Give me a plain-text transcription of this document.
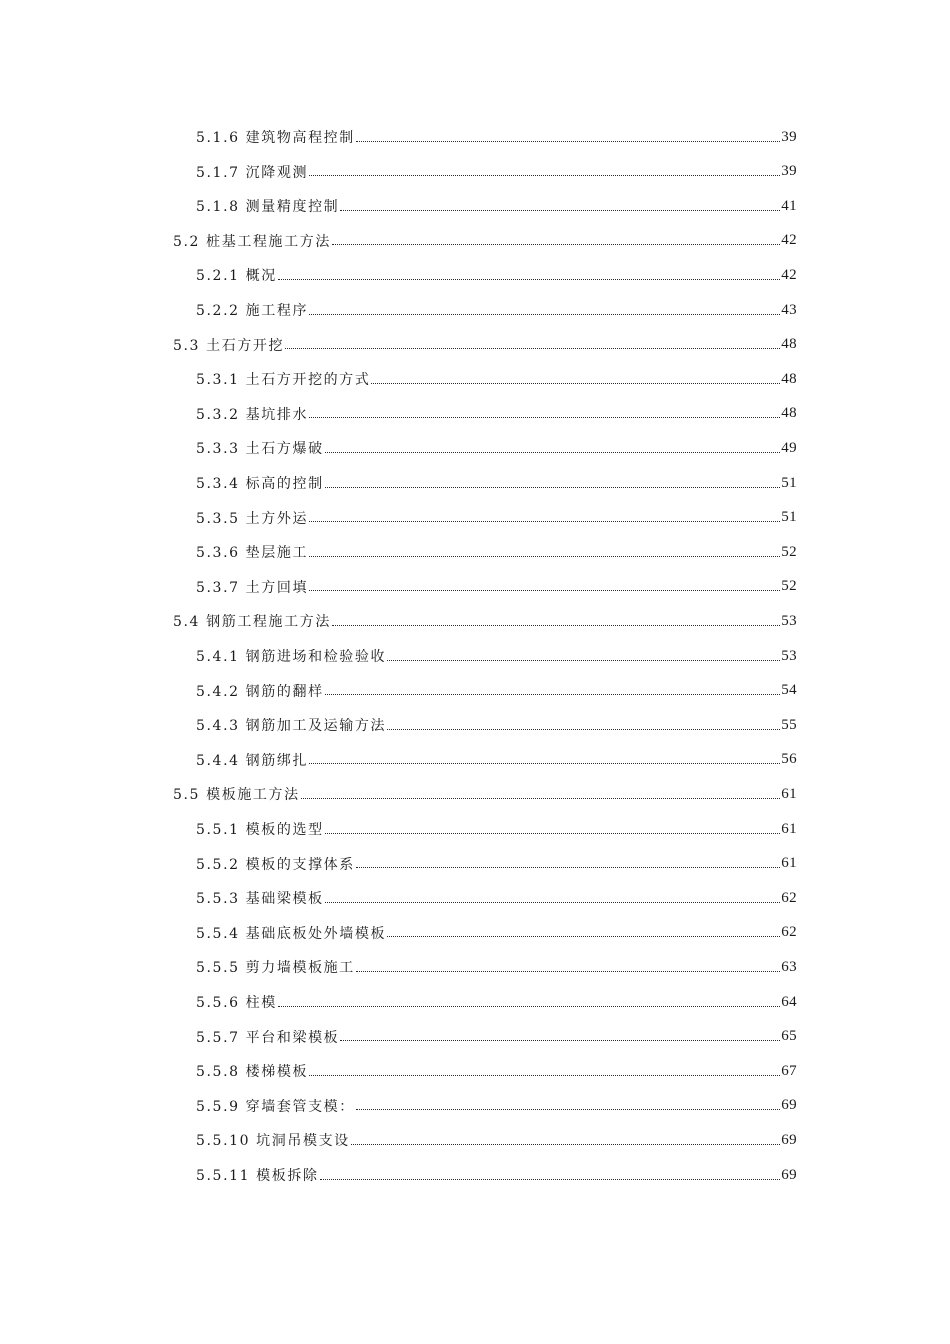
5.1.6 建筑物高程控制	39
5.1.7 沉降观测	39
5.1.8 测量精度控制	41
5.2 桩基工程施工方法	42
5.2.1 概况	42
5.2.2 施工程序	43
5.3 土石方开挖	48
5.3.1 土石方开挖的方式	48
5.3.2 基坑排水	48
5.3.3 土石方爆破	49
5.3.4 标高的控制	51
5.3.5 土方外运	51
5.3.6 垫层施工	52
5.3.7 土方回填	52
5.4 钢筋工程施工方法	53
5.4.1 钢筋进场和检验验收	53
5.4.2 钢筋的翻样	54
5.4.3 钢筋加工及运输方法	55
5.4.4 钢筋绑扎	56
5.5 模板施工方法	61
5.5.1 模板的选型	61
5.5.2 模板的支撑体系	61
5.5.3 基础梁模板	62
5.5.4 基础底板处外墙模板	62
5.5.5 剪力墙模板施工	63
5.5.6 柱模	64
5.5.7 平台和梁模板	65
5.5.8 楼梯模板	67
5.5.9 穿墙套管支模：	69
5.5.10 坑洞吊模支设	69
5.5.11 模板拆除	69
